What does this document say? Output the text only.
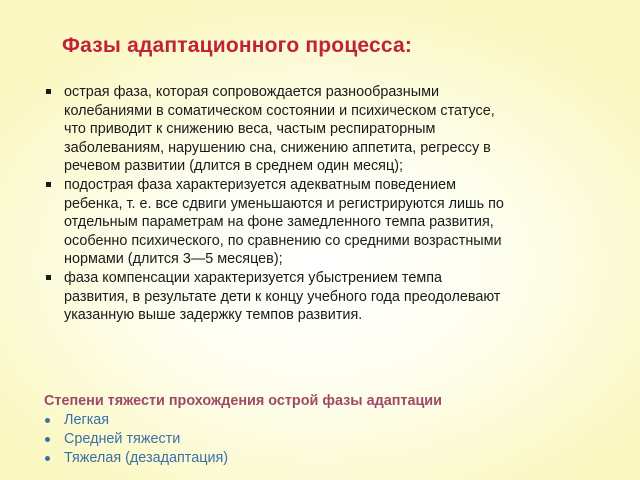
Фазы адаптационного процесса:
острая фаза, которая сопровождается разнообразными колебаниями в соматическом состоянии и психическом статусе, что приводит к снижению веса, частым респираторным заболеваниям, нарушению сна, снижению аппетита, регрессу в речевом развитии (длится в среднем один месяц);
подострая фаза характеризуется адекватным поведением ребенка, т. е. все сдвиги уменьшаются и регистрируются лишь по отдельным параметрам на фоне замедленного темпа развития, особенно психического, по сравнению со средними возрастными нормами (длится 3—5 месяцев);
фаза компенсации характеризуется убыстрением темпа развития, в результате дети к концу учебного года преодолевают указанную выше задержку темпов развития.

Степени тяжести прохождения острой фазы адаптации

Легкая
Средней тяжести
Тяжелая (дезадаптация)
